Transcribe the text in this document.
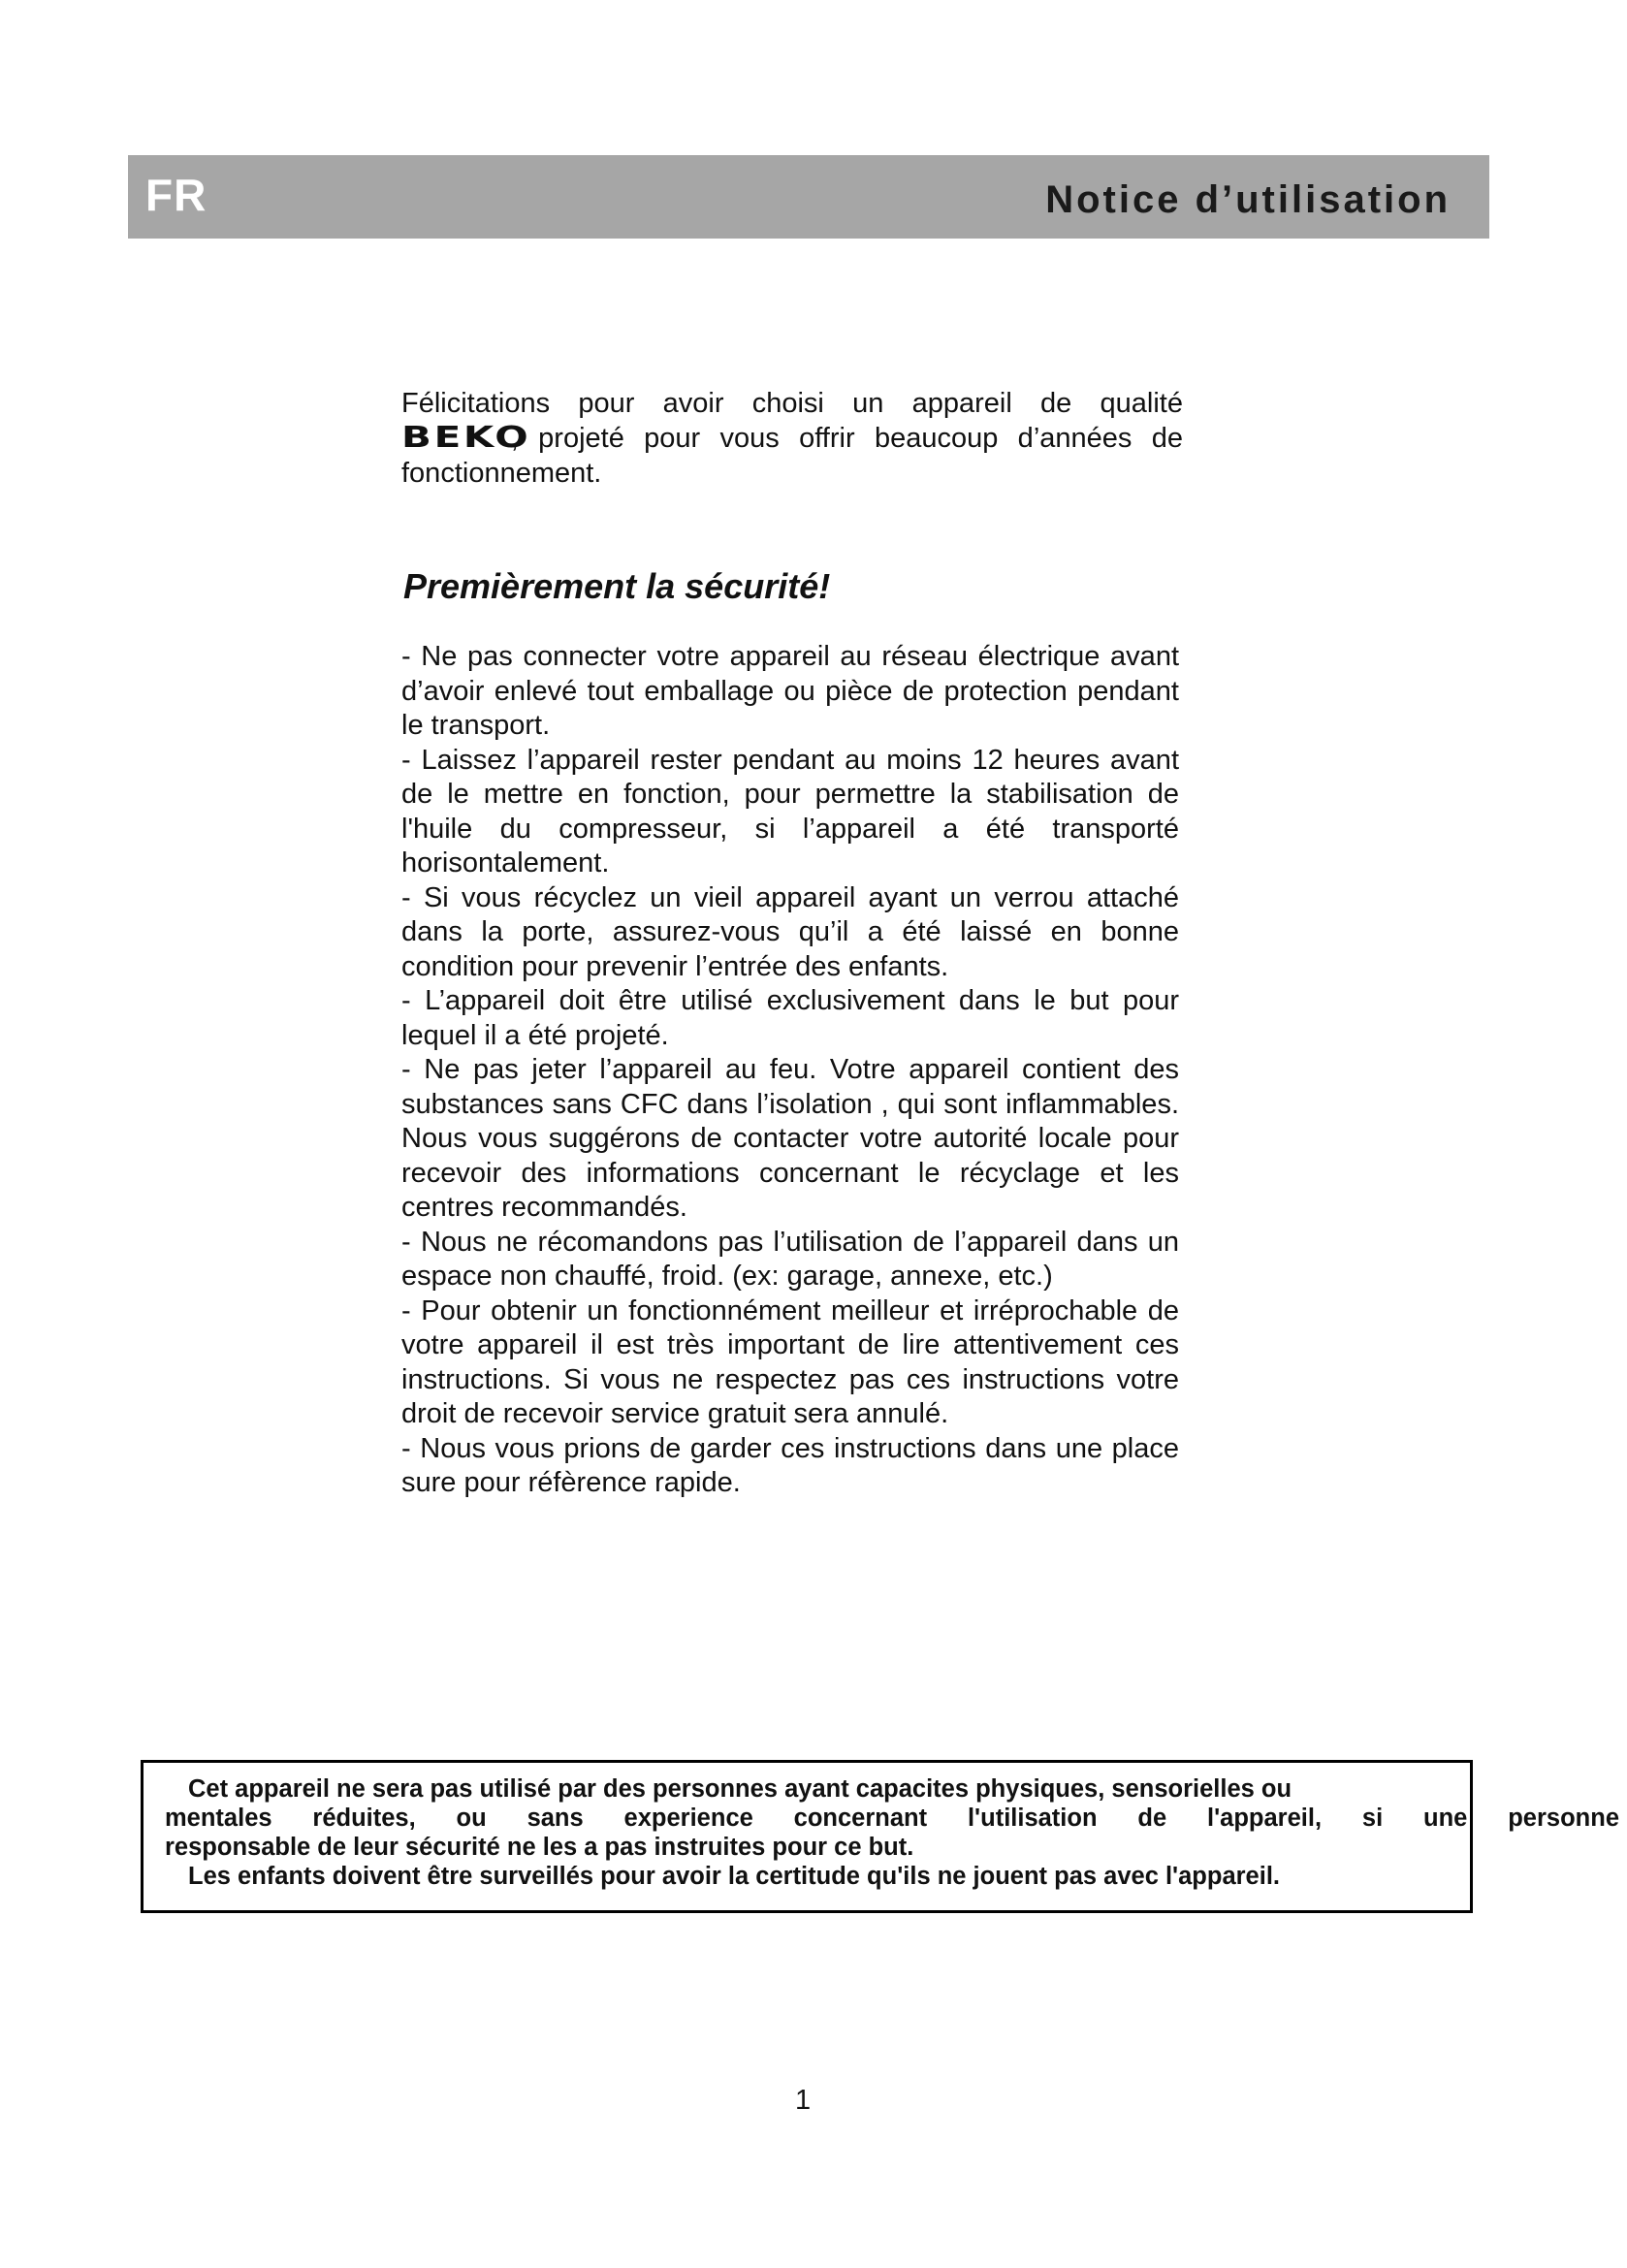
FR	Notice d’utilisation
Félicitations pour avoir choisi un appareil de qualité
BEKO, projeté pour vous offrir beaucoup d’années de fonctionnement.
Premièrement la sécurité!

- Ne pas connecter votre appareil au réseau électrique avant d’avoir enlevé tout emballage ou pièce de protection pendant le transport.

- Laissez l’appareil rester pendant au moins 12 heures avant de le mettre en fonction, pour permettre la stabilisation de l'huile du compresseur, si l’appareil a été transporté horisontalement.

- Si vous récyclez un vieil appareil ayant un verrou attaché dans la porte, assurez-vous qu’il a été laissé en bonne condition pour prevenir l’entrée des enfants.

- L’appareil doit être utilisé exclusivement dans le but pour lequel il a été projeté.

- Ne pas jeter l’appareil au feu. Votre appareil contient des substances sans CFC dans l’isolation , qui sont inflammables. Nous vous suggérons de contacter votre autorité locale pour recevoir des informations concernant le récyclage et les centres recommandés.

- Nous ne récomandons pas l’utilisation de l’appareil dans un espace non chauffé, froid. (ex: garage, annexe, etc.)

- Pour obtenir un fonctionnément meilleur et irréprochable de votre appareil il est très important de lire attentivement ces instructions. Si vous ne respectez pas ces instructions votre droit de recevoir service gratuit sera annulé.

- Nous vous prions de garder ces instructions dans une place sure pour réfèrence rapide.

Cet appareil ne sera pas utilisé par des personnes ayant capacites physiques, sensorielles ou

mentales réduites, ou sans experience concernant l'utilisation de l'appareil, si une personne

responsable de leur sécurité ne les a pas instruites pour ce but.

Les enfants doivent être surveillés pour avoir la certitude qu'ils ne jouent pas avec l'appareil.

1
